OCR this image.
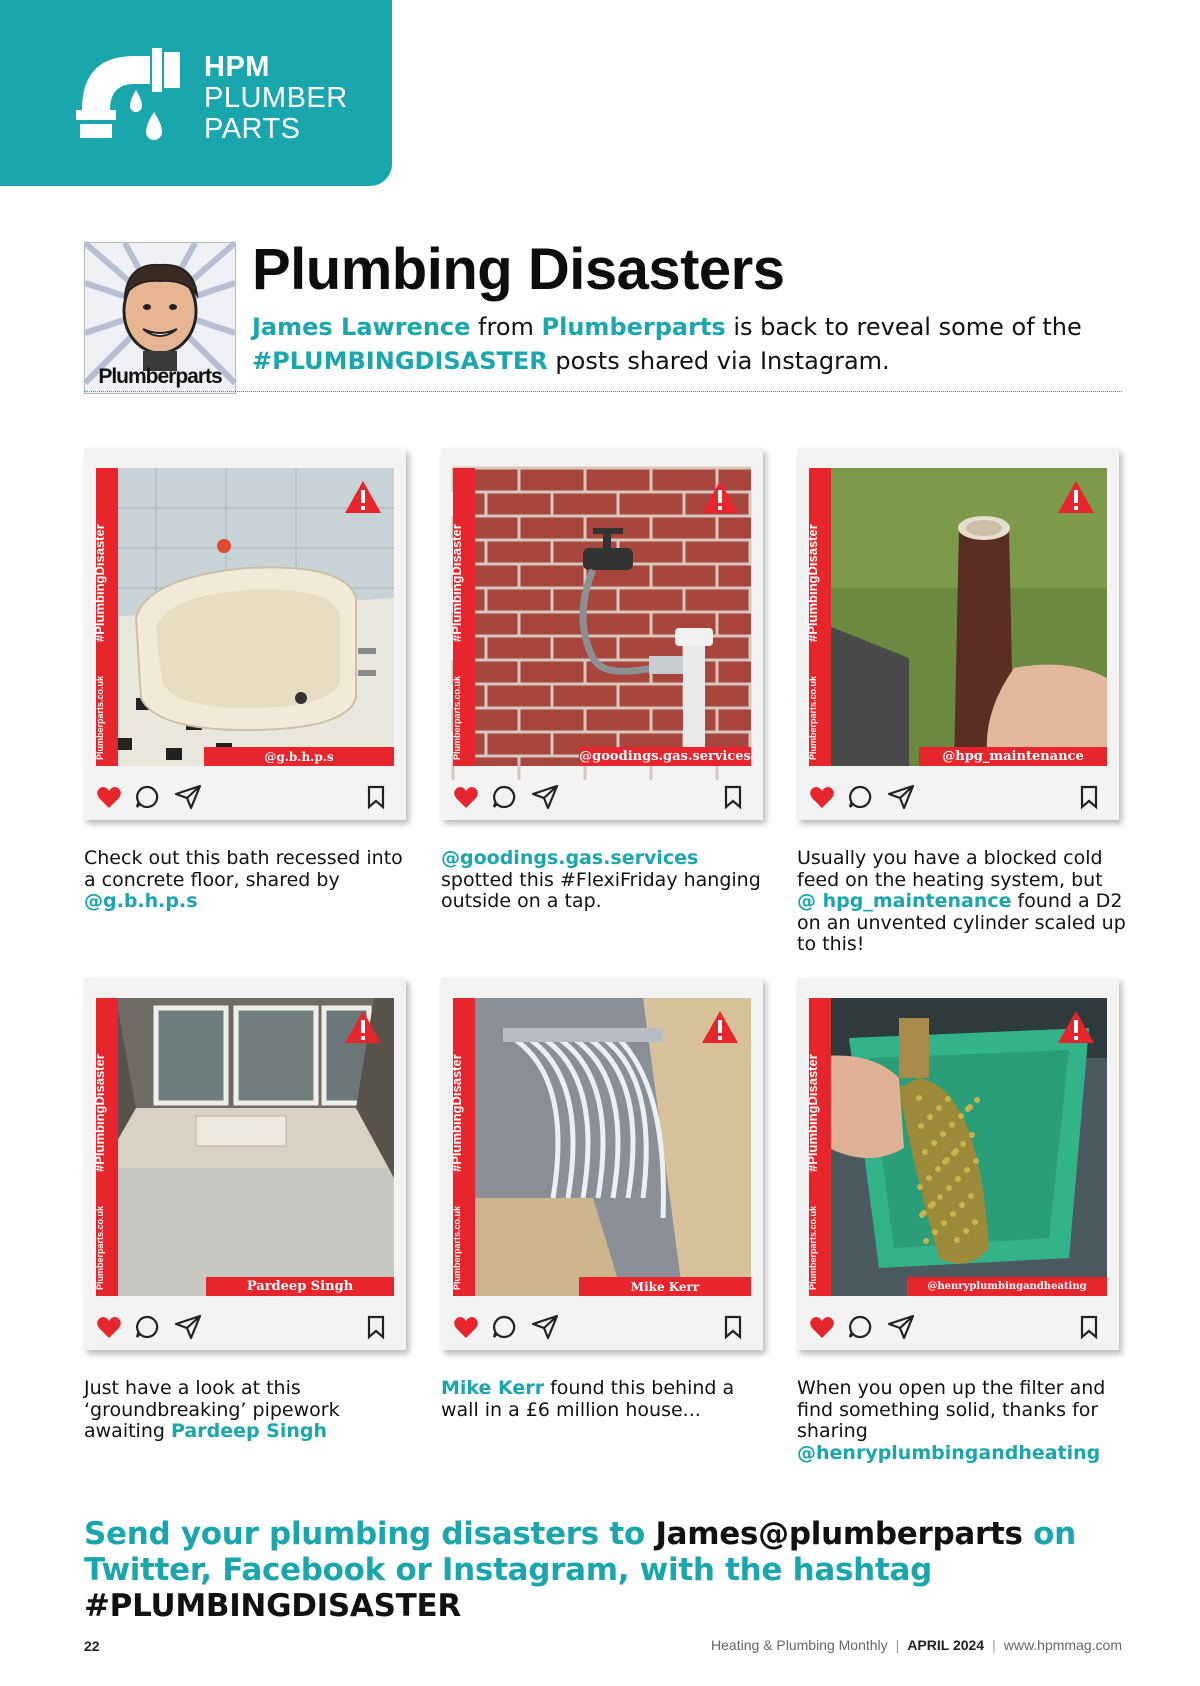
HPM
PLUMBER
PARTS
Plumberparts
Plumbing Disasters
James Lawrence from Plumberparts is back to reveal some of the
#PLUMBINGDISASTER posts shared via Instagram.
Plumberparts.co.uk
#PlumbingDisaster
@g.b.h.p.s	Plumberparts.co.uk
#PlumbingDisaster
@goodings.gas.services	Plumberparts.co.uk
#PlumbingDisaster
@hpg_maintenance
Plumberparts.co.uk
#PlumbingDisaster
Pardeep Singh	Plumberparts.co.uk
#PlumbingDisaster
Mike Kerr	Plumberparts.co.uk
#PlumbingDisaster
@henryplumbingandheating
Check out this bath recessed into a concrete floor, shared by @g.b.h.p.s
@goodings.gas.services spotted this #FlexiFriday hanging outside on a tap.
Usually you have a blocked cold feed on the heating system, but @ hpg_maintenance found a D2 on an unvented cylinder scaled up to this!
Just have a look at this ‘groundbreaking’ pipework awaiting Pardeep Singh
Mike Kerr found this behind a wall in a £6 million house...
When you open up the filter and find something solid, thanks for sharing @henryplumbingandheating
Send your plumbing disasters to James@plumberparts on Twitter, Facebook or Instagram, with the hashtag #PLUMBINGDISASTER
22	Heating & Plumbing Monthly | APRIL 2024 | www.hpmmag.com
